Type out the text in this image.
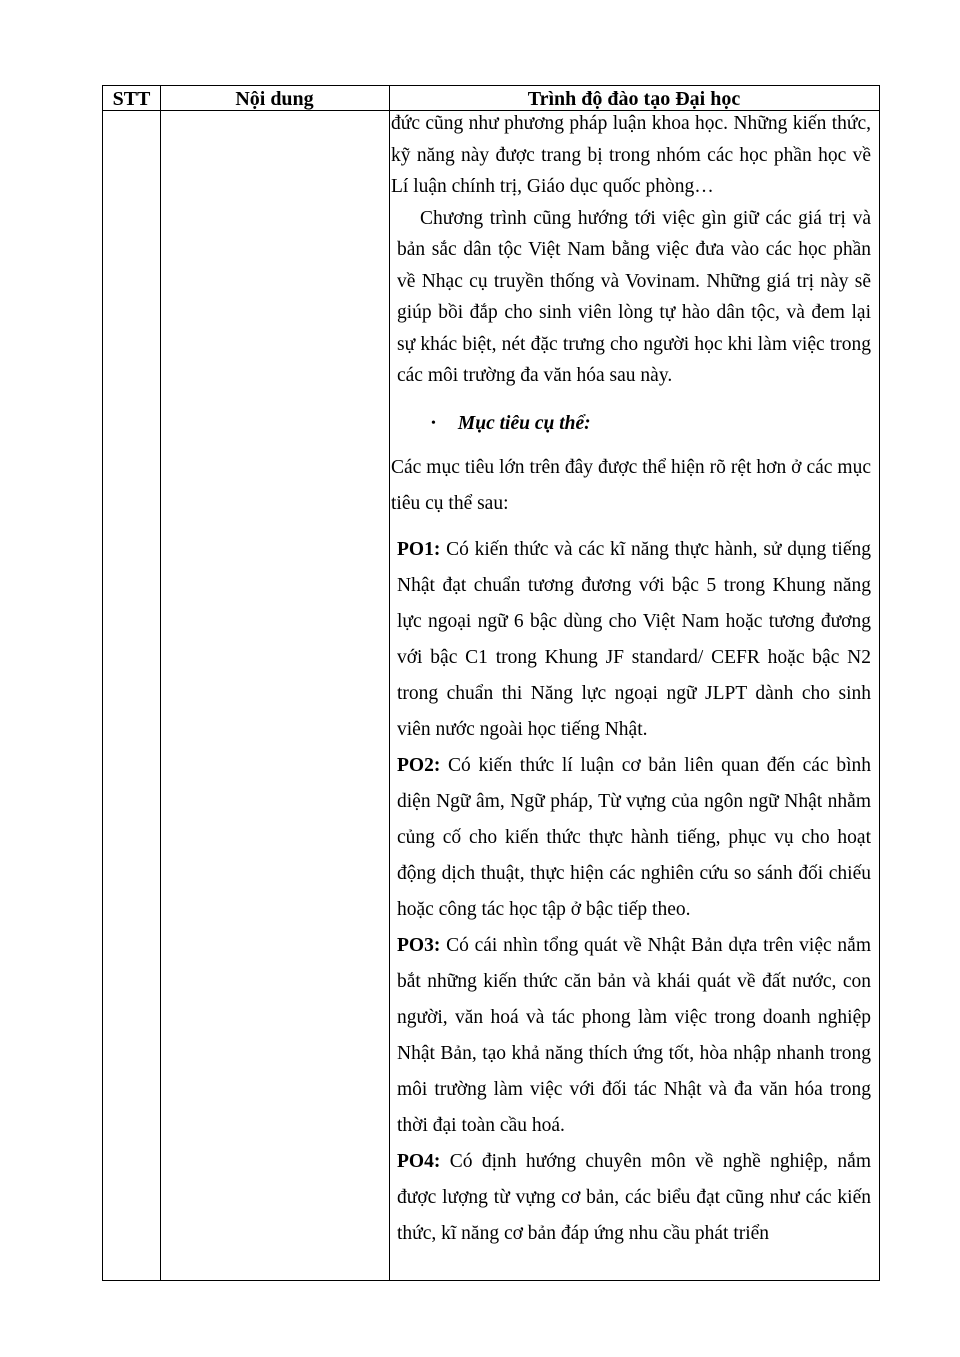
STT	Nội dung	Trình độ đào tạo Đại học

đức cũng như phương pháp luận khoa học. Những kiến thức, kỹ năng này được trang bị trong nhóm các học phần học về Lí luận chính trị, Giáo dục quốc phòng…

Chương trình cũng hướng tới việc gìn giữ các giá trị và bản sắc dân tộc Việt Nam bằng việc đưa vào các học phần về Nhạc cụ truyền thống và Vovinam. Những giá trị này sẽ giúp bồi đắp cho sinh viên lòng tự hào dân tộc, và đem lại sự khác biệt, nét đặc trưng cho người học khi làm việc trong các môi trường đa văn hóa sau này.

• Mục tiêu cụ thể:

Các mục tiêu lớn trên đây được thể hiện rõ rệt hơn ở các mục tiêu cụ thể sau:

PO1: Có kiến thức và các kĩ năng thực hành, sử dụng tiếng Nhật đạt chuẩn tương đương với bậc 5 trong Khung năng lực ngoại ngữ 6 bậc dùng cho Việt Nam hoặc tương đương với bậc C1 trong Khung JF standard/ CEFR hoặc bậc N2 trong chuẩn thi Năng lực ngoại ngữ JLPT dành cho sinh viên nước ngoài học tiếng Nhật.

PO2: Có kiến thức lí luận cơ bản liên quan đến các bình diện Ngữ âm, Ngữ pháp, Từ vựng của ngôn ngữ Nhật nhằm củng cố cho kiến thức thực hành tiếng, phục vụ cho hoạt động dịch thuật, thực hiện các nghiên cứu so sánh đối chiếu hoặc công tác học tập ở bậc tiếp theo.

PO3: Có cái nhìn tổng quát về Nhật Bản dựa trên việc nắm bắt những kiến thức căn bản và khái quát về đất nước, con người, văn hoá và tác phong làm việc trong doanh nghiệp Nhật Bản, tạo khả năng thích ứng tốt, hòa nhập nhanh trong môi trường làm việc với đối tác Nhật và đa văn hóa trong thời đại toàn cầu hoá.

PO4: Có định hướng chuyên môn về nghề nghiệp, nắm được lượng từ vựng cơ bản, các biểu đạt cũng như các kiến thức, kĩ năng cơ bản đáp ứng nhu cầu phát triển
